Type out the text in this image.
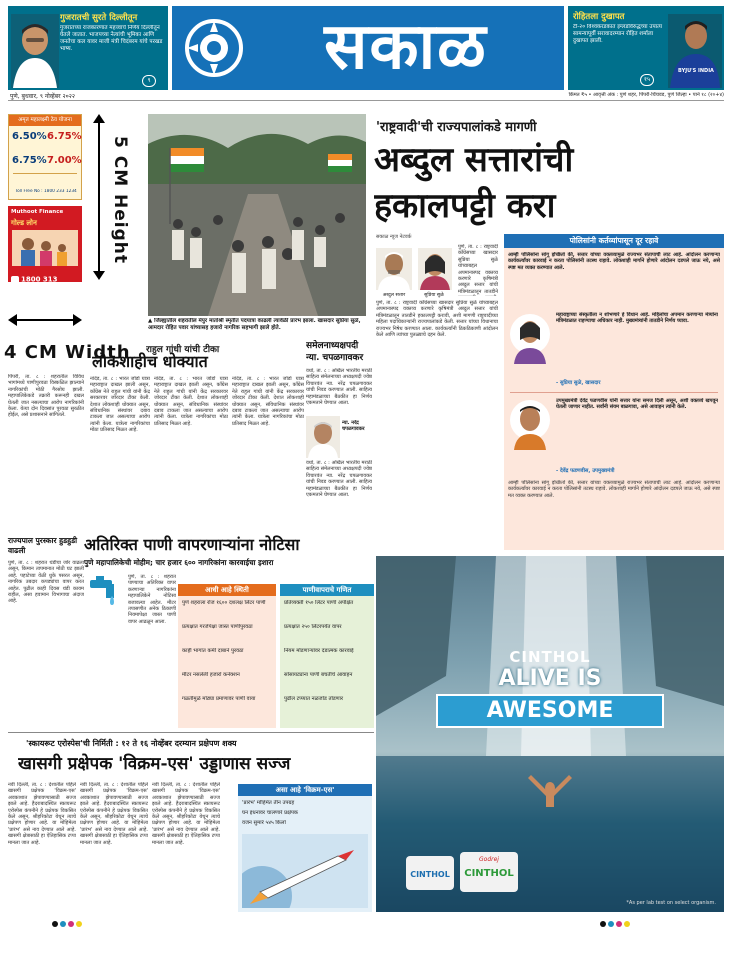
गुजरातची सुरते दिल्लीतून
गुजरातच्या राजकारणात महत्त्वाचे निर्णय दिल्लीतून घेतले जातात. भाजपच्या नेत्यांची भूमिका आणि जनतेचा कल यावर माजी मंत्री चिदंबरम यांचे परखड भाष्य.
९	सकाळ	रोहितला दुखापत
टी-२० विश्वकरंडकात इंग्लंडविरुद्धच्या उपांत्य सामन्यापूर्वी सरावादरम्यान रोहित शर्माला दुखापत झाली.
१५
BYJU'S INDIA
पुणे, बुधवार, ९ नोव्हेंबर २०२२	किंमत ₹५ • आवृत्ती अंक : पुणे शहर, पिंपरी-चिंचवड, पुणे जिल्हा • पाने १८ (२०+४)
अमृत महालक्ष्मी ठेव योजना
6.50% 6.75%
6.75% 7.00%
Toll Free No : 1800 233 1234
Muthoot Finance
गोल्ड लोन
1800 313 1212
5 CM Height
4 CM Width
▲ जिल्ह्यातील शहरांतील मेपुर मातोश्री स्मृतीत पदयात्रा काढली त्यावेळी प्रारंभ झाला. खासदार सुप्रिया सुळे, आमदार रोहित पवार यांच्यासह हजारो नागरिक सहभागी झाले होते.
'राष्ट्रवादी'ची राज्यपालांकडे मागणी
अब्दुल सत्तारांची
हकालपट्टी करा
सकाळ न्यूज नेटवर्क
अब्दुल सत्तार	सुप्रिया सुळे
पुणे, ता. ८ : राष्ट्रवादी काँग्रेसच्या खासदार सुप्रिया सुळे यांच्याबद्दल अपमानास्पद वक्तव्य करणारे कृषिमंत्री अब्दुल सत्तार यांची मंत्रिमंडळातून तातडीने
पुणे, ता. ८ : राष्ट्रवादी काँग्रेसच्या खासदार सुप्रिया सुळे यांच्याबद्दल अपमानास्पद वक्तव्य करणारे कृषिमंत्री अब्दुल सत्तार यांची मंत्रिमंडळातून तातडीने हकालपट्टी करावी, अशी मागणी राष्ट्रवादीच्या महिला पदाधिकाऱ्यांनी राज्यपालांकडे केली. सत्तार यांच्या विधानाचा राज्यभर निषेध करण्यात आला. कार्यकर्त्यांनी ठिकठिकाणी आंदोलन केले आणि त्यांच्या पुतळ्याचे दहन केले.
पोलिसांनी कर्तव्यांपासून दूर रहावे
आम्ही पोलिसांना सांगू इच्छितो की, सत्तार यांच्या वक्तव्यामुळे राज्यभर संतापाची लाट आहे. आंदोलन करणाऱ्या कार्यकर्त्यांवर कारवाई न करता पोलिसांनी तटस्थ राहावे. लोकशाही मार्गाने होणारे आंदोलन दडपले जाऊ नये, असे स्पष्ट मत व्यक्त करण्यात आले.
महाराष्ट्राच्या संस्कृतीला न शोभणारे हे विधान आहे. महिलांचा अपमान करणाऱ्या मंत्र्यांना मंत्रिमंडळात राहण्याचा अधिकार नाही. मुख्यमंत्र्यांनी तातडीने निर्णय घ्यावा.
- सुप्रिया सुळे, खासदार
उपमुख्यमंत्री देवेंद्र फडणवीस यांनी सत्तार यांना समज दिली असून, अशी वक्तव्ये खपवून घेतली जाणार नाहीत. सर्वांनी संयम बाळगावा, असे आवाहन त्यांनी केले.
- देवेंद्र फडणवीस, उपमुख्यमंत्री
आम्ही पोलिसांना सांगू इच्छितो की, सत्तार यांच्या वक्तव्यामुळे राज्यभर संतापाची लाट आहे. आंदोलन करणाऱ्या कार्यकर्त्यांवर कारवाई न करता पोलिसांनी तटस्थ राहावे. लोकशाही मार्गाने होणारे आंदोलन दडपले जाऊ नये, असे स्पष्ट मत व्यक्त करण्यात आले.
पिंपरी, ता. ८ : शहरातील विविध भागांमध्ये पाणीपुरवठा विस्कळित झाल्याने नागरिकांची मोठी गैरसोय झाली. महापालिकेकडे तक्रारी करूनही दखल घेतली जात नसल्याचा आरोप नागरिकांनी केला. येत्या दोन दिवसांत पुरवठा सुरळीत होईल, असे प्रशासनाने सांगितले.
राज्यपाल पुरस्कार हुडहुडी वाढली
पुणे, ता. ८ : शहरात थंडीचा जोर वाढला असून, किमान तापमानात मोठी घट झाली आहे. पहाटेच्या वेळी धुके पसरत असून, नागरिक उबदार कपड्यांचा वापर करत आहेत. पुढील काही दिवस थंडी कायम राहील, असा हवामान विभागाचा अंदाज आहे.
राहुल गांधी यांची टीका
लोकशाहीच धोक्यात
नांदेड, ता. ८ : भारत जोडो यात्रा महाराष्ट्रात दाखल झाली असून, काँग्रेस नेते राहुल गांधी यांनी केंद्र सरकारवर जोरदार टीका केली. देशात लोकशाही धोक्यात असून, संविधानिक संस्थांवर दबाव टाकला जात असल्याचा आरोप त्यांनी केला. यात्रेला नागरिकांचा मोठा प्रतिसाद मिळत आहे.
नांदेड, ता. ८ : भारत जोडो यात्रा महाराष्ट्रात दाखल झाली असून, काँग्रेस नेते राहुल गांधी यांनी केंद्र सरकारवर जोरदार टीका केली. देशात लोकशाही धोक्यात असून, संविधानिक संस्थांवर दबाव टाकला जात असल्याचा आरोप त्यांनी केला. यात्रेला नागरिकांचा मोठा प्रतिसाद मिळत आहे.
नांदेड, ता. ८ : भारत जोडो यात्रा महाराष्ट्रात दाखल झाली असून, काँग्रेस नेते राहुल गांधी यांनी केंद्र सरकारवर जोरदार टीका केली. देशात लोकशाही धोक्यात असून, संविधानिक संस्थांवर दबाव टाकला जात असल्याचा आरोप त्यांनी केला. यात्रेला नागरिकांचा मोठा प्रतिसाद मिळत आहे.
समेलनाध्यक्षपदी न्या. चपळगावकर
वर्धा, ता. ८ : अखिल भारतीय मराठी साहित्य संमेलनाच्या अध्यक्षपदी ज्येष्ठ विचारवंत न्या. नरेंद्र चपळगावकर यांची निवड करण्यात आली. साहित्य महामंडळाच्या बैठकीत हा निर्णय एकमताने घेण्यात आला.
न्या. नरेंद्र चपळगावकर
वर्धा, ता. ८ : अखिल भारतीय मराठी साहित्य संमेलनाच्या अध्यक्षपदी ज्येष्ठ विचारवंत न्या. नरेंद्र चपळगावकर यांची निवड करण्यात आली. साहित्य महामंडळाच्या बैठकीत हा निर्णय एकमताने घेण्यात आला.
अतिरिक्त पाणी वापरणाऱ्यांना नोटिसा
पुणे महापालिकेची मोहीम; चार हजार ६०० नागरिकांना कारवाईचा इशारा
पुणे, ता. ८ : शहरात पाण्याचा अतिरिक्त वापर करणाऱ्या नागरिकांना महापालिकेने नोटिसा बजावल्या आहेत. मीटर तपासणीत अनेक ठिकाणी नियमापेक्षा जास्त पाणी वापर आढळून आला.
आधी आहे स्थिती
पुणे शहराला रोज १६०० दशलक्ष लिटर पाणी
प्रत्यक्षात गरजेपेक्षा जास्त पाणीपुरवठा
काही भागांत कमी दाबाने पुरवठा
मीटर नसलेली हजारो कनेक्शन
गळतीमुळे मोठ्या प्रमाणावर पाणी वाया
पाणीवापराचे गणित
प्रतिव्यक्ती १५० लिटर पाणी अपेक्षित
प्रत्यक्षात २५० लिटरपर्यंत वापर
नियम मोडणाऱ्यांवर दंडात्मक कारवाई
सोसायट्यांना पाणी बचतीचे आवाहन
पुढील टप्प्यात नळजोड तोडणार
CINTHOL
ALIVE IS
AWESOME
CINTHOL	CINTHOL
Godrej
*As per lab test on select organism.
'स्कायरूट एरोस्पेस'ची निर्मिती : १२ ते १६ नोव्हेंबर दरम्यान प्रक्षेपण शक्य
खासगी प्रक्षेपक 'विक्रम-एस' उड्डाणास सज्ज
नवी दिल्ली, ता. ८ : देशातील पहिले खासगी प्रक्षेपक 'विक्रम-एस' अवकाशात झेपावण्यासाठी सज्ज झाले आहे. हैदराबादस्थित स्कायरूट एरोस्पेस कंपनीने हे प्रक्षेपक विकसित केले असून, श्रीहरिकोटा येथून त्याचे प्रक्षेपण होणार आहे. या मोहिमेला 'प्रारंभ' असे नाव देण्यात आले आहे. खासगी क्षेत्रासाठी हा ऐतिहासिक टप्पा मानला जात आहे.
नवी दिल्ली, ता. ८ : देशातील पहिले खासगी प्रक्षेपक 'विक्रम-एस' अवकाशात झेपावण्यासाठी सज्ज झाले आहे. हैदराबादस्थित स्कायरूट एरोस्पेस कंपनीने हे प्रक्षेपक विकसित केले असून, श्रीहरिकोटा येथून त्याचे प्रक्षेपण होणार आहे. या मोहिमेला 'प्रारंभ' असे नाव देण्यात आले आहे. खासगी क्षेत्रासाठी हा ऐतिहासिक टप्पा मानला जात आहे.
नवी दिल्ली, ता. ८ : देशातील पहिले खासगी प्रक्षेपक 'विक्रम-एस' अवकाशात झेपावण्यासाठी सज्ज झाले आहे. हैदराबादस्थित स्कायरूट एरोस्पेस कंपनीने हे प्रक्षेपक विकसित केले असून, श्रीहरिकोटा येथून त्याचे प्रक्षेपण होणार आहे. या मोहिमेला 'प्रारंभ' असे नाव देण्यात आले आहे. खासगी क्षेत्रासाठी हा ऐतिहासिक टप्पा मानला जात आहे.
असा आहे 'विक्रम-एस'
'प्रारंभ' मोहिमेत तीन उपग्रह
घन इंधनावर चालणारे प्रक्षेपक
वजन सुमारे ५४५ किलो
